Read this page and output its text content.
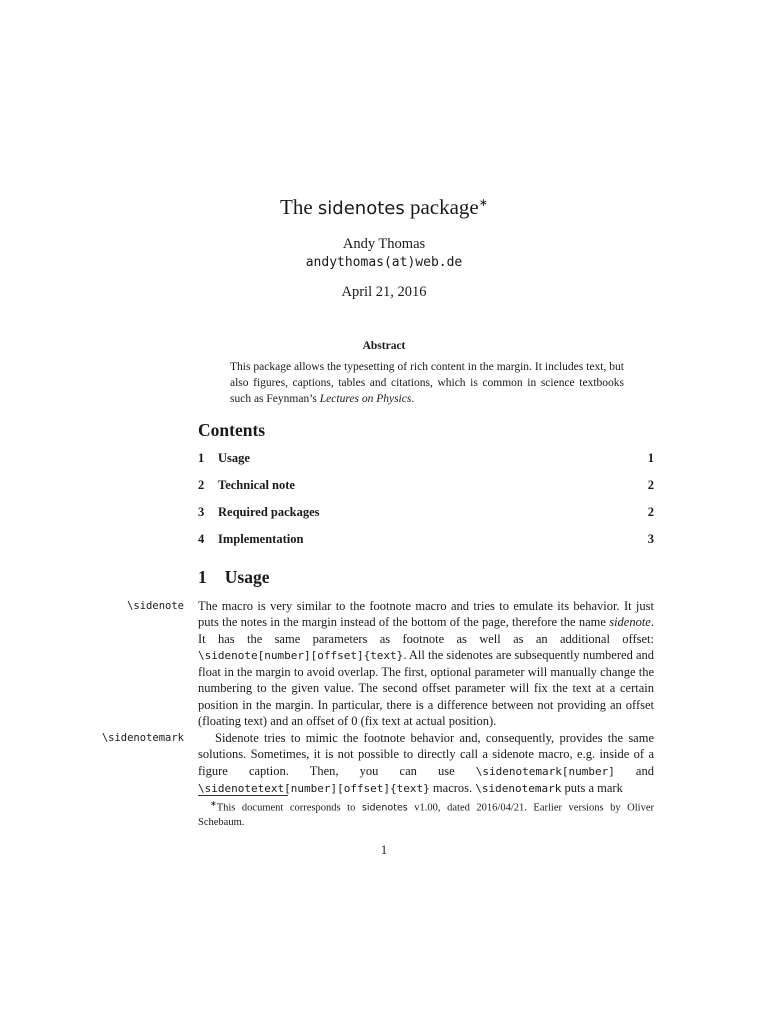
The sidenotes package∗
Andy Thomas
andythomas(at)web.de
April 21, 2016
Abstract
This package allows the typesetting of rich content in the margin. It includes text, but also figures, captions, tables and citations, which is common in science textbooks such as Feynman’s Lectures on Physics.
Contents
1	Usage	1
2	Technical note	2
3	Required packages	2
4	Implementation	3
1 Usage
\sidenote
\sidenotemark
The macro is very similar to the footnote macro and tries to emulate its behavior. It just puts the notes in the margin instead of the bottom of the page, therefore the name sidenote. It has the same parameters as footnote as well as an additional offset: \sidenote[number][offset]{text}. All the sidenotes are subsequently numbered and float in the margin to avoid overlap. The first, optional parameter will manually change the numbering to the given value. The second offset parameter will fix the text at a certain position in the margin. In particular, there is a difference between not providing an offset (floating text) and an offset of 0 (fix text at actual position).
Sidenote tries to mimic the footnote behavior and, consequently, provides the same solutions. Sometimes, it is not possible to directly call a sidenote macro, e.g. inside of a figure caption. Then, you can use \sidenotemark[number] and \sidenotetext[number][offset]{text} macros. \sidenotemark puts a mark
∗This document corresponds to sidenotes v1.00, dated 2016/04/21. Earlier versions by Oliver Schebaum.
1
